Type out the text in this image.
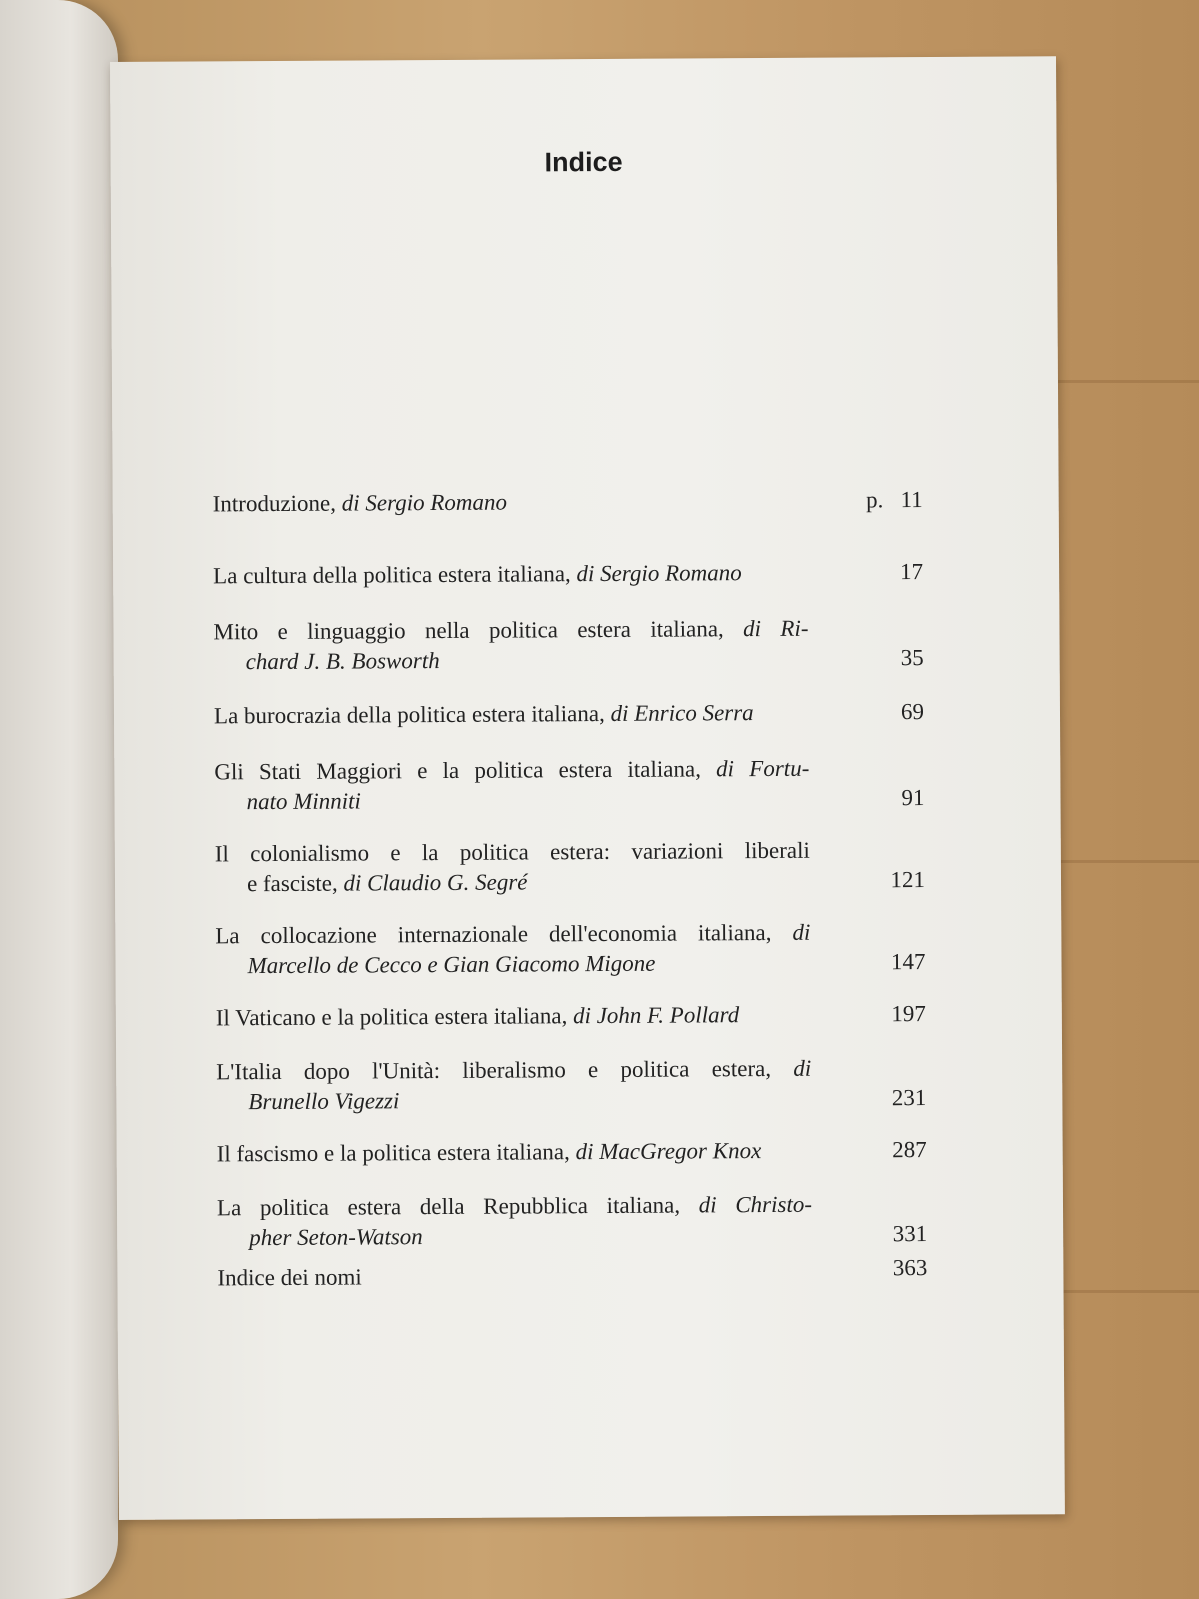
Indice
Introduzione, di Sergio Romano	p. 11
La cultura della politica estera italiana, di Sergio Romano	17
Mito e linguaggio nella politica estera italiana, di Ri-
chard J. B. Bosworth	35
La burocrazia della politica estera italiana, di Enrico Serra	69
Gli Stati Maggiori e la politica estera italiana, di Fortu-
nato Minniti	91
Il colonialismo e la politica estera: variazioni liberali
e fasciste, di Claudio G. Segré	121
La collocazione internazionale dell'economia italiana, di
Marcello de Cecco e Gian Giacomo Migone	147
Il Vaticano e la politica estera italiana, di John F. Pollard	197
L'Italia dopo l'Unità: liberalismo e politica estera, di
Brunello Vigezzi	231
Il fascismo e la politica estera italiana, di MacGregor Knox	287
La politica estera della Repubblica italiana, di Christo-
pher Seton-Watson	331
Indice dei nomi	363
